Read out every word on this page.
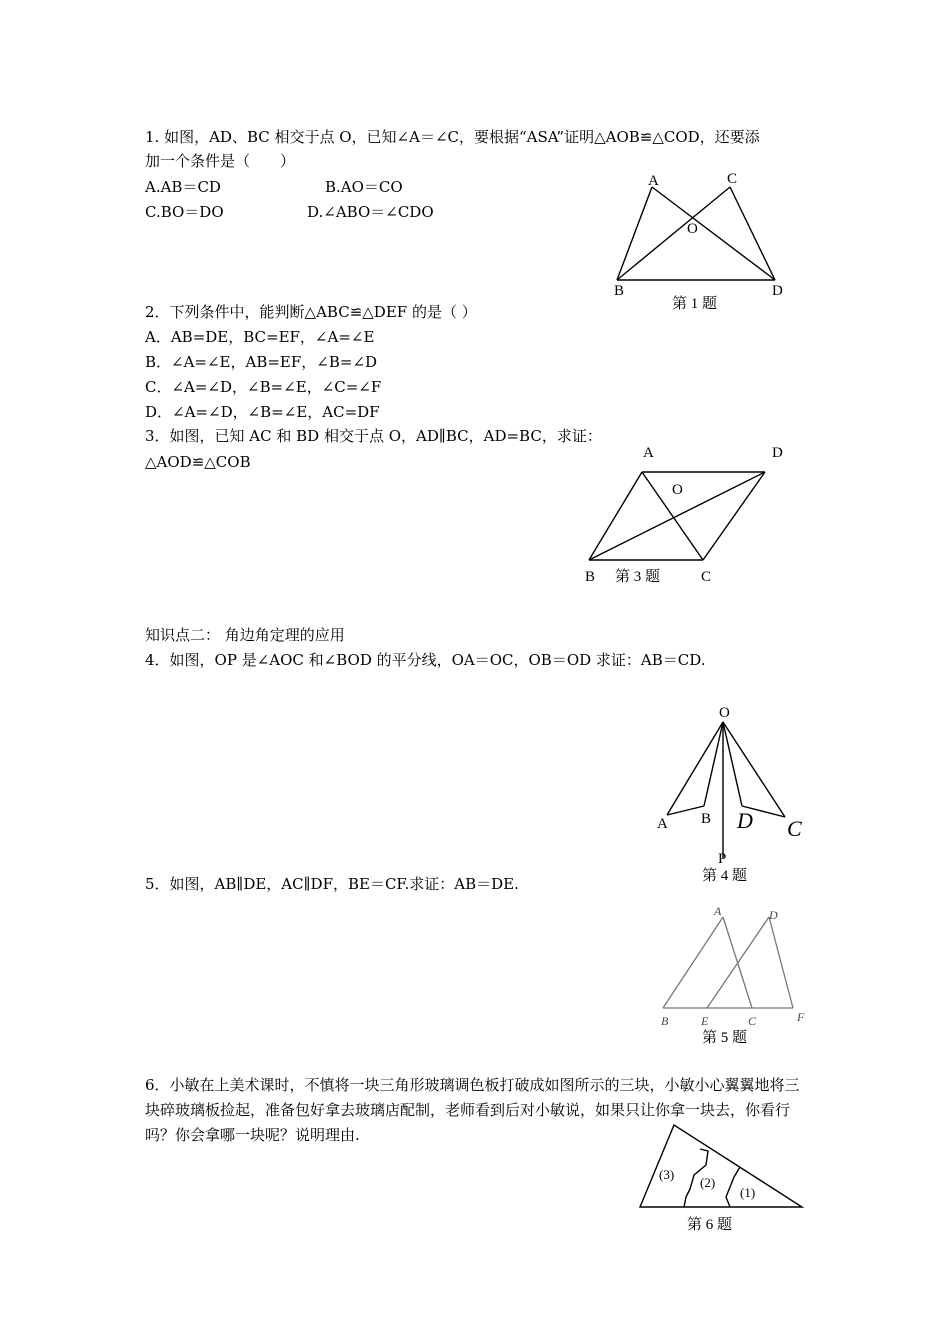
1. 如图，AD、BC 相交于点 O，已知∠A＝∠C，要根据“ASA”证明△AOB≌△COD，还要添
加一个条件是（　　）
A.AB＝CD	B.AO＝CO
C.BO＝DO	D.∠ABO＝∠CDO
A	C
O
B	D
第 1 题
2．下列条件中，能判断△ABC≌△DEF 的是（ ）
A．AB=DE，BC=EF，∠A=∠E
B．∠A=∠E，AB=EF，∠B=∠D
C．∠A=∠D，∠B=∠E，∠C=∠F
D．∠A=∠D，∠B=∠E，AC=DF
3．如图，已知 AC 和 BD 相交于点 O，AD∥BC，AD=BC，求证：
△AOD≌△COB	A	D
O
B 第 3 题	C
知识点二： 角边角定理的应用
4．如图，OP 是∠AOC 和∠BOD 的平分线，OA＝OC，OB＝OD 求证：AB＝CD.
O
A B D C
P
第 4 题
5．如图，AB∥DE，AC∥DF，BE＝CF.求证：AB＝DE.
A	D
B	E	C	F
第 5 题
6．小敏在上美术课时，不慎将一块三角形玻璃调色板打破成如图所示的三块，小敏小心翼翼地将三块碎玻璃板捡起，准备包好拿去玻璃店配制，老师看到后对小敏说，如果只让你拿一块去，你看行吗？你会拿哪一块呢？说明理由.
(3)
(2)
(1)
第 6 题
